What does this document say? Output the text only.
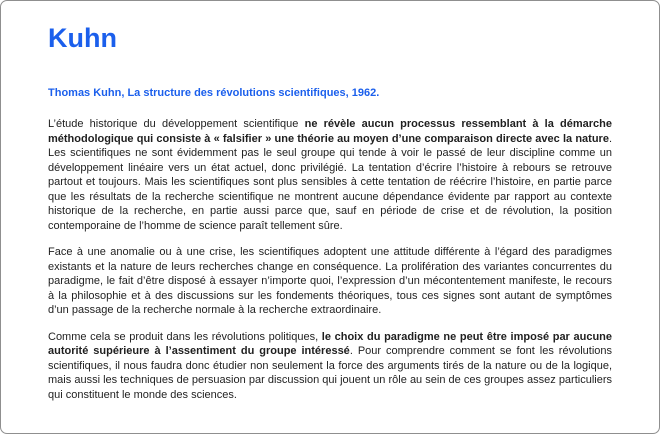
Kuhn
Thomas Kuhn, La structure des révolutions scientifiques, 1962.

L’étude historique du développement scientifique ne révèle aucun processus ressemblant à la démarche méthodologique qui consiste à « falsifier » une théorie au moyen d’une comparaison directe avec la nature. Les scientifiques ne sont évidemment pas le seul groupe qui tende à voir le passé de leur discipline comme un développement linéaire vers un état actuel, donc privilégié. La tentation d’écrire l’histoire à rebours se retrouve partout et toujours. Mais les scientifiques sont plus sensibles à cette tentation de réécrire l’histoire, en partie parce que les résultats de la recherche scientifique ne montrent aucune dépendance évidente par rapport au contexte historique de la recherche, en partie aussi parce que, sauf en période de crise et de révolution, la position contemporaine de l’homme de science paraît tellement sûre.

Face à une anomalie ou à une crise, les scientifiques adoptent une attitude différente à l’égard des paradigmes existants et la nature de leurs recherches change en conséquence. La prolifération des variantes concurrentes du paradigme, le fait d’être disposé à essayer n’importe quoi, l’expression d’un mécontentement manifeste, le recours à la philosophie et à des discussions sur les fondements théoriques, tous ces signes sont autant de symptômes d’un passage de la recherche normale à la recherche extraordinaire.

Comme cela se produit dans les révolutions politiques, le choix du paradigme ne peut être imposé par aucune autorité supérieure à l’assentiment du groupe intéressé. Pour comprendre comment se font les révolutions scientifiques, il nous faudra donc étudier non seulement la force des arguments tirés de la nature ou de la logique, mais aussi les techniques de persuasion par discussion qui jouent un rôle au sein de ces groupes assez particuliers qui constituent le monde des sciences.
